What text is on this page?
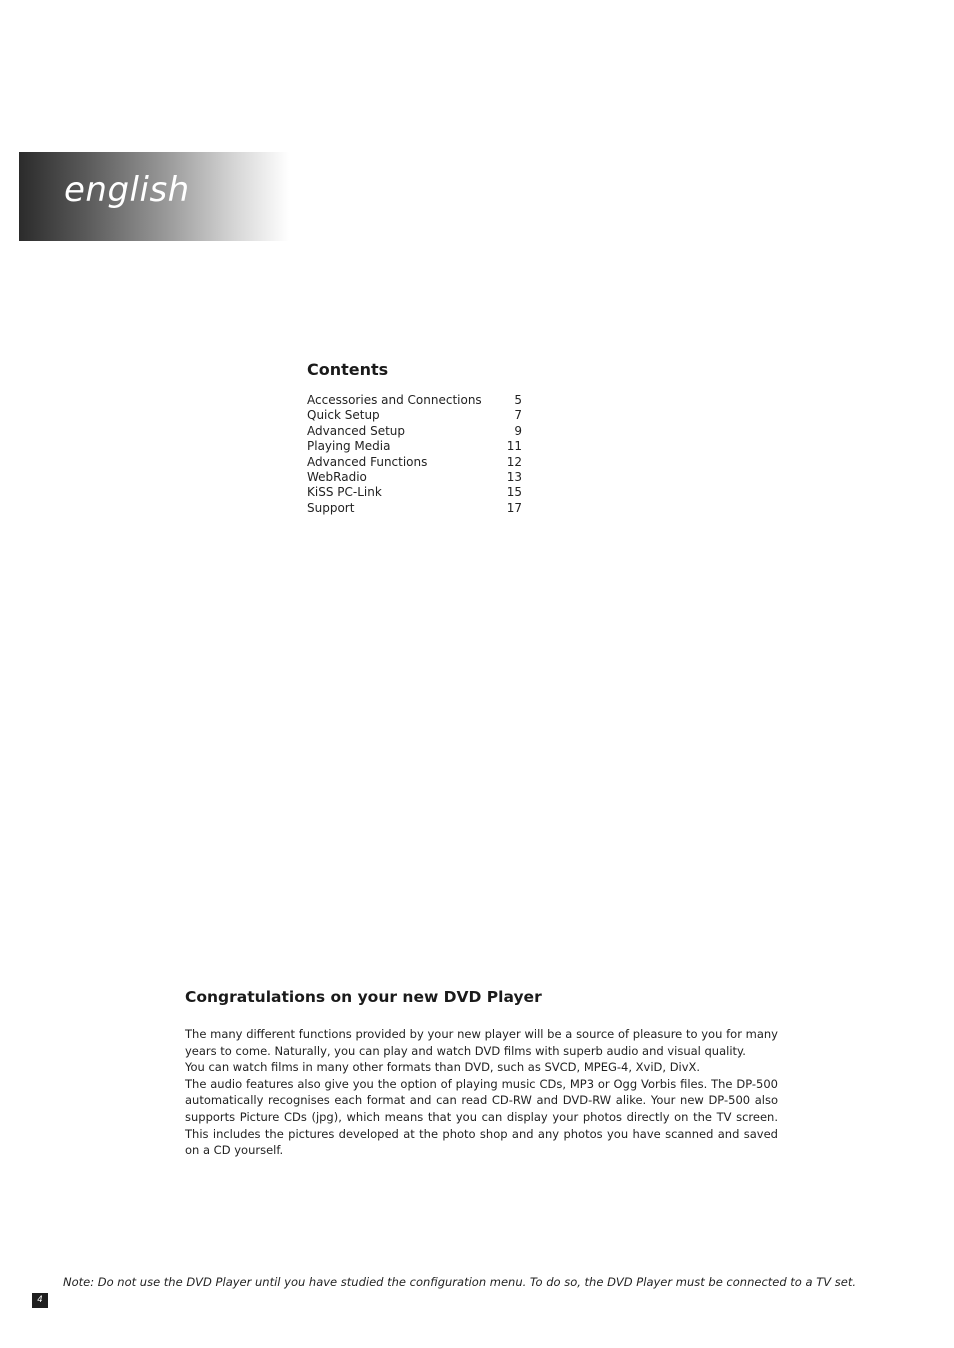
english
Contents
Accessories and Connections	5
Quick Setup	7
Advanced Setup	9
Playing Media	11
Advanced Functions	12
WebRadio	13
KiSS PC-Link	15
Support	17
Congratulations on your new DVD Player

The many different functions provided by your new player will be a source of pleasure to you for many years to come. Naturally, you can play and watch DVD films with superb audio and visual quality.

You can watch films in many other formats than DVD, such as SVCD, MPEG-4, XviD, DivX.

The audio features also give you the option of playing music CDs, MP3 or Ogg Vorbis files. The DP-500 automatically recognises each format and can read CD-RW and DVD-RW alike. Your new DP-500 also supports Picture CDs (jpg), which means that you can display your photos directly on the TV screen. This includes the pictures developed at the photo shop and any photos you have scanned and saved on a CD yourself.

Note: Do not use the DVD Player until you have studied the configuration menu. To do so, the DVD Player must be connected to a TV set.
4
